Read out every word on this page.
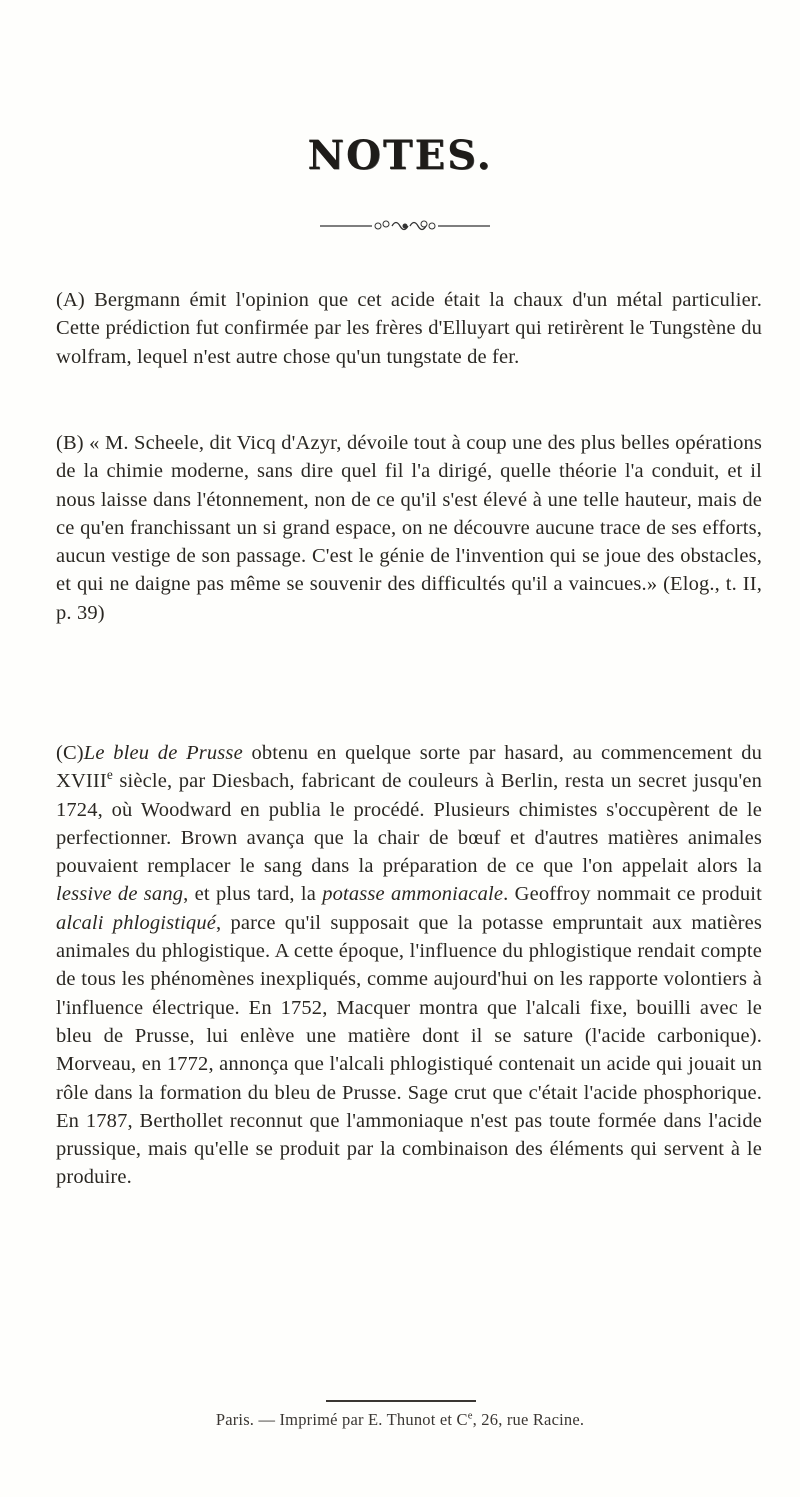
NOTES.

(A) Bergmann émit l'opinion que cet acide était la chaux d'un métal particulier. Cette prédiction fut confirmée par les frères d'Elluyart qui retirèrent le Tungstène du wolfram, lequel n'est autre chose qu'un tungstate de fer.

(B) « M. Scheele, dit Vicq d'Azyr, dévoile tout à coup une des plus belles opérations de la chimie moderne, sans dire quel fil l'a dirigé, quelle théorie l'a conduit, et il nous laisse dans l'étonnement, non de ce qu'il s'est élevé à une telle hauteur, mais de ce qu'en franchissant un si grand espace, on ne découvre aucune trace de ses efforts, aucun vestige de son passage. C'est le génie de l'invention qui se joue des obstacles, et qui ne daigne pas même se souvenir des difficultés qu'il a vaincues.» (Elog., t. II, p. 39)

(C)Le bleu de Prusse obtenu en quelque sorte par hasard, au commencement du XVIIIe siècle, par Diesbach, fabricant de couleurs à Berlin, resta un secret jusqu'en 1724, où Woodward en publia le procédé. Plusieurs chimistes s'occupèrent de le perfectionner. Brown avança que la chair de bœuf et d'autres matières animales pouvaient remplacer le sang dans la préparation de ce que l'on appelait alors la lessive de sang, et plus tard, la potasse ammoniacale. Geoffroy nommait ce produit alcali phlogistiqué, parce qu'il supposait que la potasse empruntait aux matières animales du phlogistique. A cette époque, l'influence du phlogistique rendait compte de tous les phénomènes inexpliqués, comme aujourd'hui on les rapporte volontiers à l'influence électrique. En 1752, Macquer montra que l'alcali fixe, bouilli avec le bleu de Prusse, lui enlève une matière dont il se sature (l'acide carbonique). Morveau, en 1772, annonça que l'alcali phlogistiqué contenait un acide qui jouait un rôle dans la formation du bleu de Prusse. Sage crut que c'était l'acide phosphorique. En 1787, Berthollet reconnut que l'ammoniaque n'est pas toute formée dans l'acide prussique, mais qu'elle se produit par la combinaison des éléments qui servent à le produire.

Paris. — Imprimé par E. Thunot et Ce, 26, rue Racine.
